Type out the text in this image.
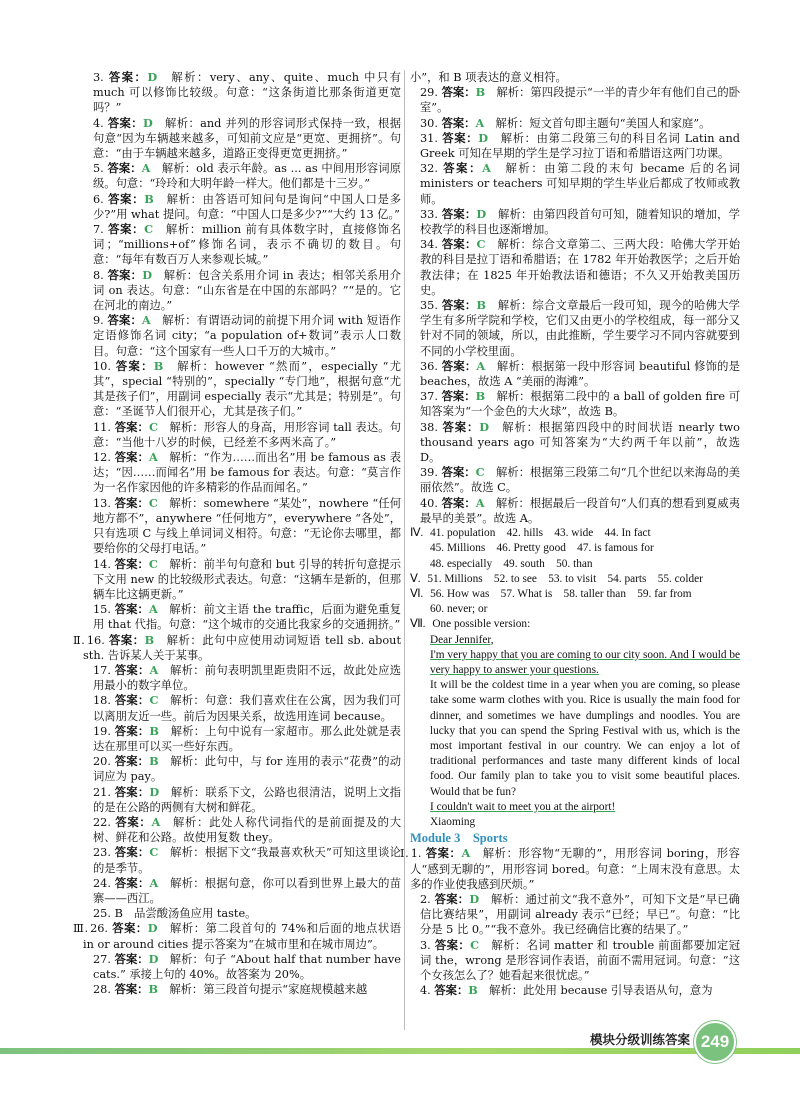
3. 答案：D　解析：very、any、quite、much 中只有 much 可以修饰比较级。句意：“这条街道比那条街道更宽吗？”
4. 答案：D　解析：and 并列的形容词形式保持一致，根据句意“因为车辆越来越多，可知前文应是“更宽、更拥挤”。句意：“由于车辆越来越多，道路正变得更宽更拥挤。”
5. 答案：A　解析：old 表示年龄。as ... as 中间用形容词原级。句意：“玲玲和大明年龄一样大。他们都是十三岁。”
6. 答案：B　解析：由答语可知问句是询问“中国人口是多少?”用 what 提问。句意：“中国人口是多少?”“大约 13 亿。”
7. 答案：C　解析：million 前有具体数字时，直接修饰名词；“millions+of”修饰名词，表示不确切的数目。句意：“每年有数百万人来参观长城。”
8. 答案：D　解析：包含关系用介词 in 表达；相邻关系用介词 on 表达。句意：“山东省是在中国的东部吗？”“是的。它在河北的南边。”
9. 答案：A　解析：有谓语动词的前提下用介词 with 短语作定语修饰名词 city；“a population of+数词”表示人口数目。句意：“这个国家有一些人口千万的大城市。”
10. 答案：B　解析：however “然而”，especially “尤其”，special “特别的”，specially “专门地”，根据句意“尤其是孩子们”，用副词 especially 表示“尤其是；特别是”。句意：“圣诞节人们很开心，尤其是孩子们。”
11. 答案：C　解析：形容人的身高，用形容词 tall 表达。句意：“当他十八岁的时候，已经差不多两米高了。”
12. 答案：A　解析：“作为……而出名”用 be famous as 表达；“因……而闻名”用 be famous for 表达。句意：“莫言作为一名作家因他的许多精彩的作品而闻名。”
13. 答案：C　解析：somewhere “某处”，nowhere “任何地方都不”，anywhere “任何地方”，everywhere “各处”，只有选项 C 与线上单词词义相符。句意：“无论你去哪里，都要给你的父母打电话。”
14. 答案：C　解析：前半句句意和 but 引导的转折句意提示下文用 new 的比较级形式表达。句意：“这辆车是新的，但那辆车比这辆更新。”
15. 答案：A　解析：前文主语 the traffic，后面为避免重复用 that 代指。句意：“这个城市的交通比我家乡的交通拥挤。”
Ⅱ. 16. 答案：B　解析：此句中应使用动词短语 tell sb. about sth. 告诉某人关于某事。
17. 答案：A　解析：前句表明凯里距贵阳不远，故此处应选用最小的数字单位。
18. 答案：C　解析：句意：我们喜欢住在公寓，因为我们可以离朋友近一些。前后为因果关系，故选用连词 because。
19. 答案：B　解析：上句中说有一家超市。那么此处就是表达在那里可以买一些好东西。
20. 答案：B　解析：此句中，与 for 连用的表示“花费”的动词应为 pay。
21. 答案：D　解析：联系下文，公路也很清洁，说明上文指的是在公路的两侧有大树和鲜花。
22. 答案：A　解析：此处人称代词指代的是前面提及的大树、鲜花和公路。故使用复数 they。
23. 答案：C　解析：根据下文“我最喜欢秋天”可知这里谈论的是季节。
24. 答案：A　解析：根据句意，你可以看到世界上最大的苗寨——西江。
25. B　品尝酸汤鱼应用 taste。
Ⅲ. 26. 答案：D　解析：第二段首句的 74%和后面的地点状语 in or around cities 提示答案为“在城市里和在城市周边”。
27. 答案：D　解析：句子 “About half that number have cats.” 承接上句的 40%。故答案为 20%。
28. 答案：B　解析：第三段首句提示“家庭规模越来越
小”，和 B 项表达的意义相符。
29. 答案：B　解析：第四段提示“一半的青少年有他们自己的卧室”。
30. 答案：A　解析：短文首句即主题句“美国人和家庭”。
31. 答案：D　解析：由第二段第三句的科目名词 Latin and Greek 可知在早期的学生是学习拉丁语和希腊语这两门功课。
32. 答案：A　解析：由第二段的末句 became 后的名词 ministers or teachers 可知早期的学生毕业后都成了牧师或教师。
33. 答案：D　解析：由第四段首句可知，随着知识的增加，学校教学的科目也逐渐增加。
34. 答案：C　解析：综合文章第二、三两大段：哈佛大学开始教的科目是拉丁语和希腊语；在 1782 年开始教医学；之后开始教法律；在 1825 年开始教法语和德语；不久又开始教美国历史。
35. 答案：B　解析：综合文章最后一段可知，现今的哈佛大学学生有多所学院和学校，它们又由更小的学校组成，每一部分又针对不同的领域，所以，由此推断，学生要学习不同内容就要到不同的小学校里面。
36. 答案：A　解析：根据第一段中形容词 beautiful 修饰的是 beaches，故选 A “美丽的海滩”。
37. 答案：B　解析：根据第二段中的 a ball of golden fire 可知答案为“一个金色的大火球”，故选 B。
38. 答案：D　解析：根据第四段中的时间状语 nearly two thousand years ago 可知答案为“大约两千年以前”，故选 D。
39. 答案：C　解析：根据第三段第二句“几个世纪以来海岛的美丽依然”。故选 C。
40. 答案：A　解析：根据最后一段首句“人们真的想看到夏威夷最早的美景”。故选 A。
Ⅳ. 41. population　42. hills　43. wide　44. In fact
45. Millions　46. Pretty good　47. is famous for
48. especially　49. south　50. than
Ⅴ. 51. Millions　52. to see　53. to visit　54. parts　55. colder
Ⅵ. 56. How was　57. What is　58. taller than　59. far from
60. never; or
Ⅶ. One possible version:
Dear Jennifer,
I'm very happy that you are coming to our city soon. And I would be very happy to answer your questions.
It will be the coldest time in a year when you are coming, so please take some warm clothes with you. Rice is usually the main food for dinner, and sometimes we have dumplings and noodles. You are lucky that you can spend the Spring Festival with us, which is the most important festival in our country. We can enjoy a lot of traditional performances and taste many different kinds of local food. Our family plan to take you to visit some beautiful places. Would that be fun?
I couldn't wait to meet you at the airport!
Xiaoming
Module 3　Sports
Ⅰ. 1. 答案：A　解析：形容物“无聊的”，用形容词 boring，形容人“感到无聊的”，用形容词 bored。句意：“上周末没有意思。太多的作业使我感到厌烦。”
2. 答案：D　解析：通过前文“我不意外”，可知下文是“早已确信比赛结果”，用副词 already 表示“已经；早已”。句意：“比分是 5 比 0。”“我不意外。我已经确信比赛的结果了。”
3. 答案：C　解析：名词 matter 和 trouble 前面都要加定冠词 the，wrong 是形容词作表语，前面不需用冠词。句意：“这个女孩怎么了？她看起来很忧虑。”
4. 答案：B　解析：此处用 because 引导表语从句，意为
模块分级训练答案 249
